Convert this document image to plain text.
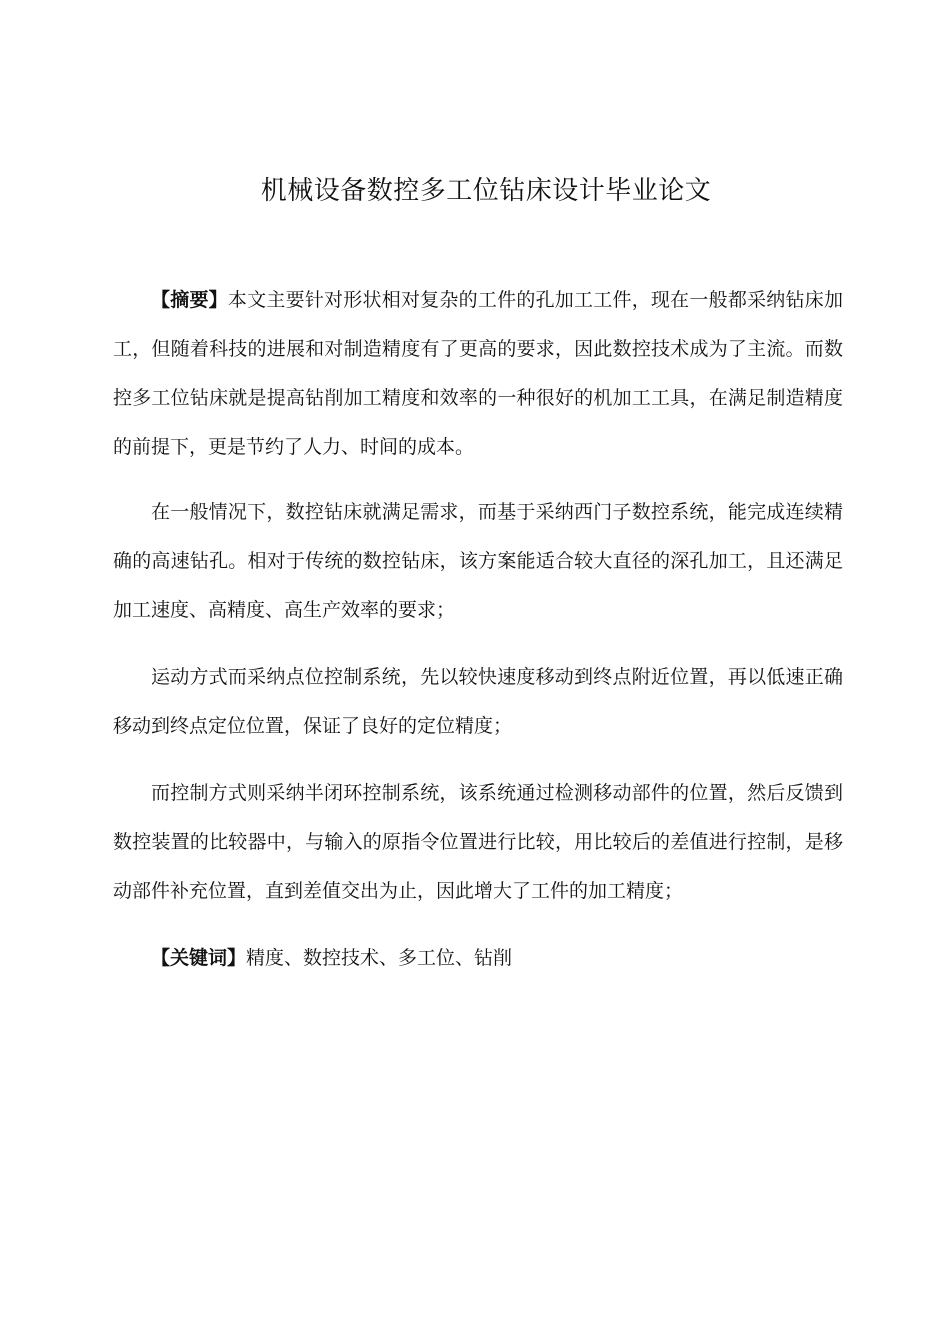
机械设备数控多工位钻床设计毕业论文

【摘要】本文主要针对形状相对复杂的工件的孔加工工件，现在一般都采纳钻床加工，但随着科技的进展和对制造精度有了更高的要求，因此数控技术成为了主流。而数控多工位钻床就是提高钻削加工精度和效率的一种很好的机加工工具，在满足制造精度的前提下，更是节约了人力、时间的成本。

在一般情况下，数控钻床就满足需求，而基于采纳西门子数控系统，能完成连续精确的高速钻孔。相对于传统的数控钻床，该方案能适合较大直径的深孔加工，且还满足加工速度、高精度、高生产效率的要求；

运动方式而采纳点位控制系统，先以较快速度移动到终点附近位置，再以低速正确移动到终点定位位置，保证了良好的定位精度；

而控制方式则采纳半闭环控制系统，该系统通过检测移动部件的位置，然后反馈到数控装置的比较器中，与输入的原指令位置进行比较，用比较后的差值进行控制，是移动部件补充位置，直到差值交出为止，因此增大了工件的加工精度；

【关键词】精度、数控技术、多工位、钻削
